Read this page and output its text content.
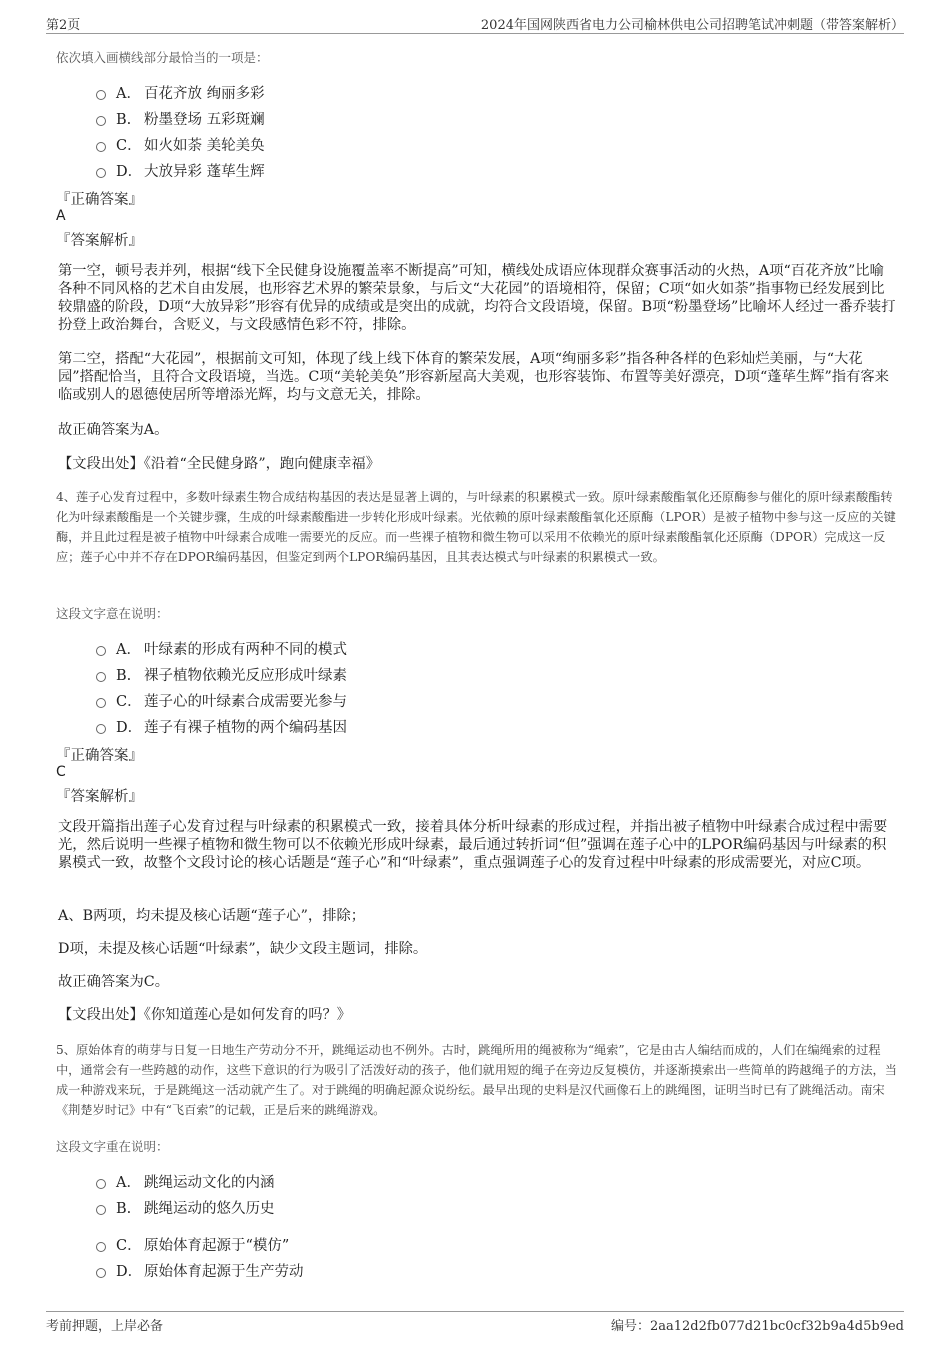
第2页	2024年国网陕西省电力公司榆林供电公司招聘笔试冲刺题（带答案解析）
依次填入画横线部分最恰当的一项是：
A． 百花齐放 绚丽多彩
B. 粉墨登场 五彩斑斓
C． 如火如荼 美轮美奂
D． 大放异彩 蓬荜生辉
『正确答案』
A
『答案解析』
第一空，顿号表并列，根据“线下全民健身设施覆盖率不断提高”可知，横线处成语应体现群众赛事活动的火热，A项“百花齐放”比喻各种不同风格的艺术自由发展，也形容艺术界的繁荣景象，与后文“大花园”的语境相符，保留；C项“如火如荼”指事物已经发展到比较鼎盛的阶段，D项“大放异彩”形容有优异的成绩或是突出的成就，均符合文段语境，保留。B项“粉墨登场”比喻坏人经过一番乔装打扮登上政治舞台，含贬义，与文段感情色彩不符，排除。
第二空，搭配“大花园”，根据前文可知，体现了线上线下体育的繁荣发展，A项“绚丽多彩”指各种各样的色彩灿烂美丽，与“大花园”搭配恰当，且符合文段语境，当选。C项“美轮美奂”形容新屋高大美观，也形容装饰、布置等美好漂亮，D项“蓬荜生辉”指有客来临或别人的恩德使居所等增添光辉，均与文意无关，排除。
故正确答案为A。
【文段出处】《沿着“全民健身路”，跑向健康幸福》
4、莲子心发育过程中，多数叶绿素生物合成结构基因的表达是显著上调的，与叶绿素的积累模式一致。原叶绿素酸酯氧化还原酶参与催化的原叶绿素酸酯转化为叶绿素酸酯是一个关键步骤，生成的叶绿素酸酯进一步转化形成叶绿素。光依赖的原叶绿素酸酯氧化还原酶（LPOR）是被子植物中参与这一反应的关键酶，并且此过程是被子植物中叶绿素合成唯一需要光的反应。而一些裸子植物和微生物可以采用不依赖光的原叶绿素酸酯氧化还原酶（DPOR）完成这一反应；莲子心中并不存在DPOR编码基因，但鉴定到两个LPOR编码基因，且其表达模式与叶绿素的积累模式一致。
这段文字意在说明：
A． 叶绿素的形成有两种不同的模式
B. 裸子植物依赖光反应形成叶绿素
C． 莲子心的叶绿素合成需要光参与
D． 莲子有裸子植物的两个编码基因
『正确答案』
C
『答案解析』
文段开篇指出莲子心发育过程与叶绿素的积累模式一致，接着具体分析叶绿素的形成过程，并指出被子植物中叶绿素合成过程中需要光，然后说明一些裸子植物和微生物可以不依赖光形成叶绿素，最后通过转折词“但”强调在莲子心中的LPOR编码基因与叶绿素的积累模式一致，故整个文段讨论的核心话题是“莲子心”和“叶绿素”，重点强调莲子心的发育过程中叶绿素的形成需要光，对应C项。
A、B两项，均未提及核心话题“莲子心”，排除；
D项，未提及核心话题“叶绿素”，缺少文段主题词，排除。
故正确答案为C。
【文段出处】《你知道莲心是如何发育的吗？》
5、原始体育的萌芽与日复一日地生产劳动分不开，跳绳运动也不例外。古时，跳绳所用的绳被称为“绳索”，它是由古人编结而成的，人们在编绳索的过程中，通常会有一些跨越的动作，这些下意识的行为吸引了活泼好动的孩子，他们就用短的绳子在旁边反复模仿，并逐渐摸索出一些简单的跨越绳子的方法，当成一种游戏来玩，于是跳绳这一活动就产生了。对于跳绳的明确起源众说纷纭。最早出现的史料是汉代画像石上的跳绳图，证明当时已有了跳绳活动。南宋《荆楚岁时记》中有“飞百索”的记载，正是后来的跳绳游戏。
这段文字重在说明：
A． 跳绳运动文化的内涵
B. 跳绳运动的悠久历史
C． 原始体育起源于“模仿”
D． 原始体育起源于生产劳动
考前押题，上岸必备	编号：2aa12d2fb077d21bc0cf32b9a4d5b9ed
